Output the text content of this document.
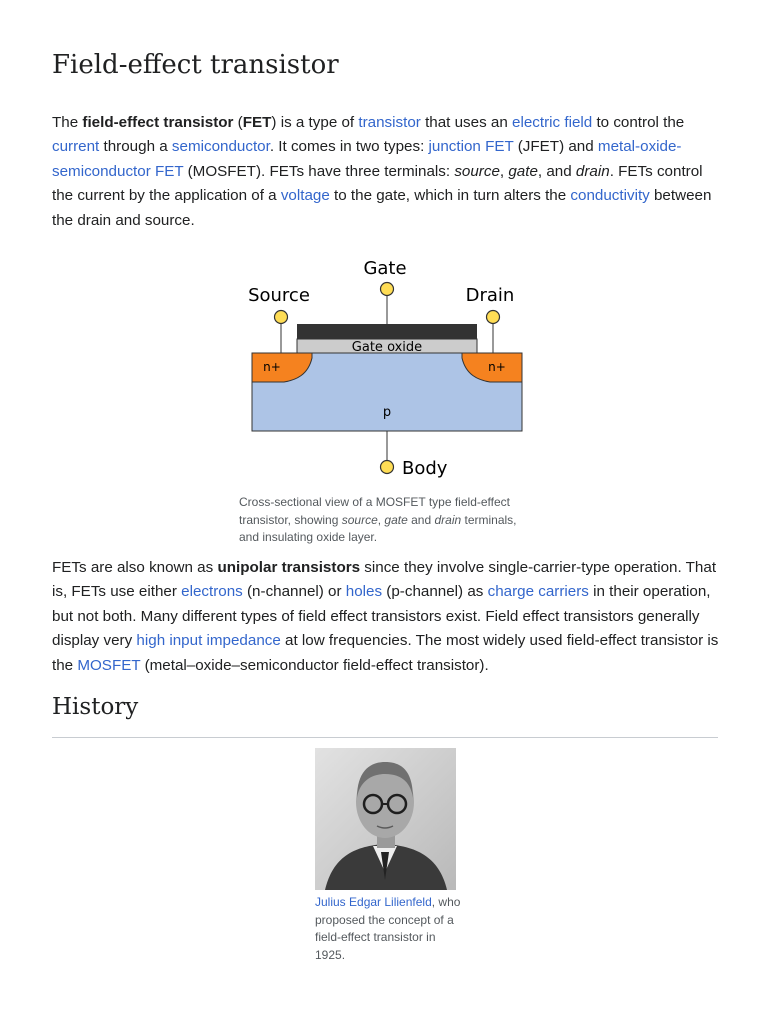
Field-effect transistor

The field-effect transistor (FET) is a type of transistor that uses an electric field to control the current through a semiconductor. It comes in two types: junction FET (JFET) and metal-oxide-semiconductor FET (MOSFET). FETs have three terminals: source, gate, and drain. FETs control the current by the application of a voltage to the gate, which in turn alters the conductivity between the drain and source.

Gate
Source	Drain
Gate oxide
n+	n+
p
Body

Cross-sectional view of a MOSFET type field-effect transistor, showing source, gate and drain terminals, and insulating oxide layer.

FETs are also known as unipolar transistors since they involve single-carrier-type operation. That is, FETs use either electrons (n-channel) or holes (p-channel) as charge carriers in their operation, but not both. Many different types of field effect transistors exist. Field effect transistors generally display very high input impedance at low frequencies. The most widely used field-effect transistor is the MOSFET (metal–oxide–semiconductor field-effect transistor).

History

Julius Edgar Lilienfeld, who proposed the concept of a field-effect transistor in 1925.
